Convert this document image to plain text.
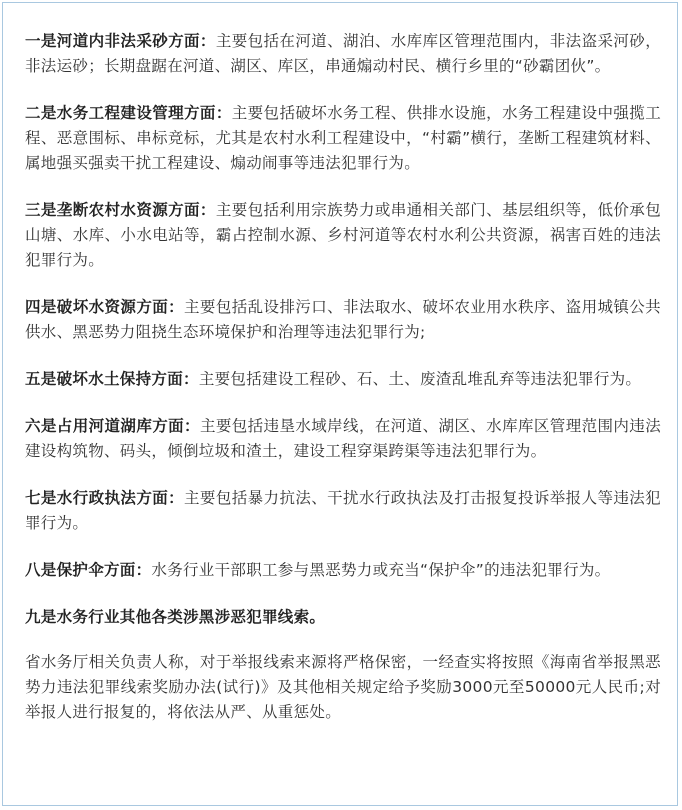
一是河道内非法采砂方面：主要包括在河道、湖泊、水库库区管理范围内，非法盗采河砂，非法运砂；长期盘踞在河道、湖区、库区，串通煽动村民、横行乡里的“砂霸团伙”。

二是水务工程建设管理方面：主要包括破坏水务工程、供排水设施，水务工程建设中强揽工程、恶意围标、串标竞标，尤其是农村水利工程建设中，“村霸”横行，垄断工程建筑材料、属地强买强卖干扰工程建设、煽动闹事等违法犯罪行为。

三是垄断农村水资源方面：主要包括利用宗族势力或串通相关部门、基层组织等，低价承包山塘、水库、小水电站等，霸占控制水源、乡村河道等农村水利公共资源，祸害百姓的违法犯罪行为。

四是破坏水资源方面：主要包括乱设排污口、非法取水、破坏农业用水秩序、盗用城镇公共供水、黑恶势力阻挠生态环境保护和治理等违法犯罪行为;

五是破坏水土保持方面：主要包括建设工程砂、石、土、废渣乱堆乱弃等违法犯罪行为。

六是占用河道湖库方面：主要包括违垦水域岸线，在河道、湖区、水库库区管理范围内违法建设构筑物、码头，倾倒垃圾和渣土，建设工程穿渠跨渠等违法犯罪行为。

七是水行政执法方面：主要包括暴力抗法、干扰水行政执法及打击报复投诉举报人等违法犯罪行为。

八是保护伞方面：水务行业干部职工参与黑恶势力或充当“保护伞”的违法犯罪行为。

九是水务行业其他各类涉黑涉恶犯罪线索。

省水务厅相关负责人称，对于举报线索来源将严格保密，一经查实将按照《海南省举报黑恶势力违法犯罪线索奖励办法(试行)》及其他相关规定给予奖励3000元至50000元人民币;对举报人进行报复的，将依法从严、从重惩处。
